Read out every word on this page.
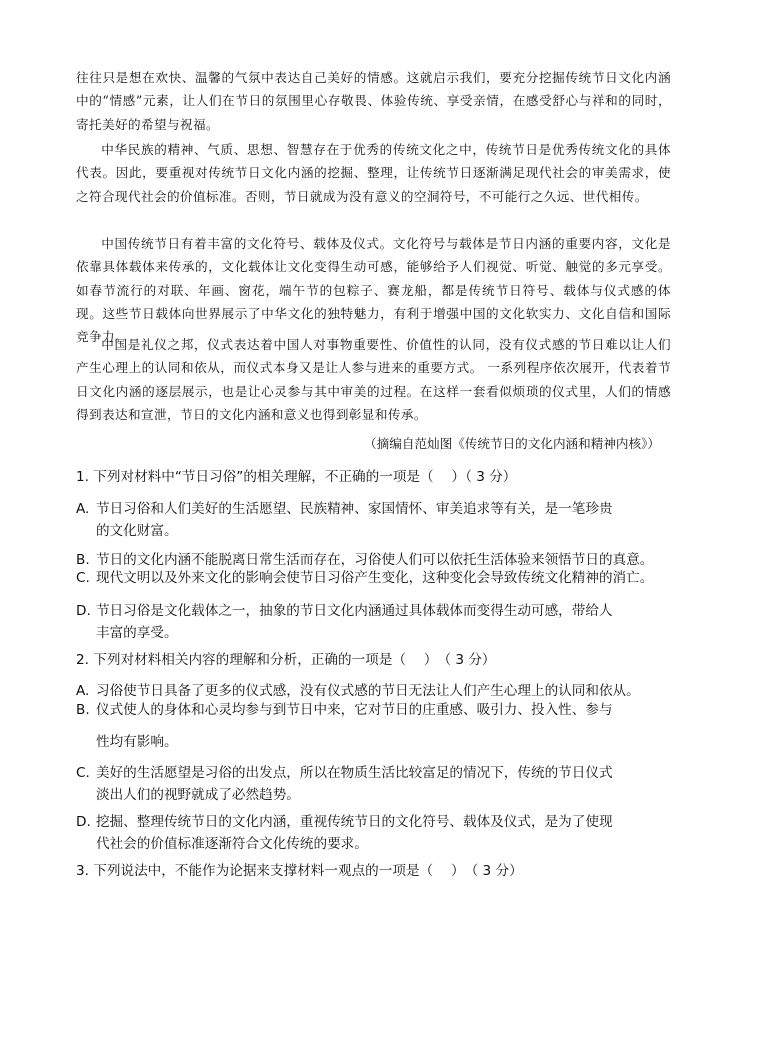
往往只是想在欢快、温馨的气氛中表达自己美好的情感。这就启示我们，要充分挖掘传统节日文化内涵中的“情感”元素，让人们在节日的氛围里心存敬畏、体验传统、享受亲情，在感受舒心与祥和的同时，寄托美好的希望与祝福。

中华民族的精神、气质、思想、智慧存在于优秀的传统文化之中，传统节日是优秀传统文化的具体代表。因此，要重视对传统节日文化内涵的挖掘、整理，让传统节日逐渐满足现代社会的审美需求，使之符合现代社会的价值标准。否则，节日就成为没有意义的空洞符号，不可能行之久远、世代相传。

中国传统节日有着丰富的文化符号、载体及仪式。文化符号与载体是节日内涵的重要内容，文化是依靠具体载体来传承的，文化载体让文化变得生动可感，能够给予人们视觉、听觉、触觉的多元享受。如春节流行的对联、年画、窗花，端午节的包粽子、赛龙船，都是传统节日符号、载体与仪式感的体现。这些节日载体向世界展示了中华文化的独特魅力，有利于增强中国的文化软实力、文化自信和国际竞争力。

中国是礼仪之邦，仪式表达着中国人对事物重要性、价值性的认同，没有仪式感的节日难以让人们产生心理上的认同和依从，而仪式本身又是让人参与进来的重要方式。 一系列程序依次展开，代表着节日文化内涵的逐层展示，也是让心灵参与其中审美的过程。在这样一套看似烦琐的仪式里，人们的情感得到表达和宣泄，节日的文化内涵和意义也得到彰显和传承。

（摘编自范灿图《传统节日的文化内涵和精神内核》）
1. 下列对材料中“节日习俗”的相关理解，不正确的一项是（　 ）（ 3 分）
A. 节日习俗和人们美好的生活愿望、民族精神、家国情怀、审美追求等有关，是一笔珍贵
的文化财富。
B. 节日的文化内涵不能脱离日常生活而存在，习俗使人们可以依托生活体验来领悟节日的真意。
C. 现代文明以及外来文化的影响会使节日习俗产生变化，这种变化会导致传统文化精神的消亡。
D. 节日习俗是文化载体之一，抽象的节日文化内涵通过具体载体而变得生动可感，带给人
丰富的享受。
2. 下列对材料相关内容的理解和分析，正确的一项是（　 ）　（ 3 分）
A. 习俗使节日具备了更多的仪式感，没有仪式感的节日无法让人们产生心理上的认同和依从。
B. 仪式使人的身体和心灵均参与到节日中来，它对节日的庄重感、吸引力、投入性、参与
性均有影响。
C. 美好的生活愿望是习俗的出发点，所以在物质生活比较富足的情况下，传统的节日仪式
淡出人们的视野就成了必然趋势。
D. 挖掘、整理传统节日的文化内涵，重视传统节日的文化符号、载体及仪式，是为了使现
代社会的价值标准逐渐符合文化传统的要求。
3. 下列说法中，不能作为论据来支撑材料一观点的一项是（　 ）　（ 3 分）
